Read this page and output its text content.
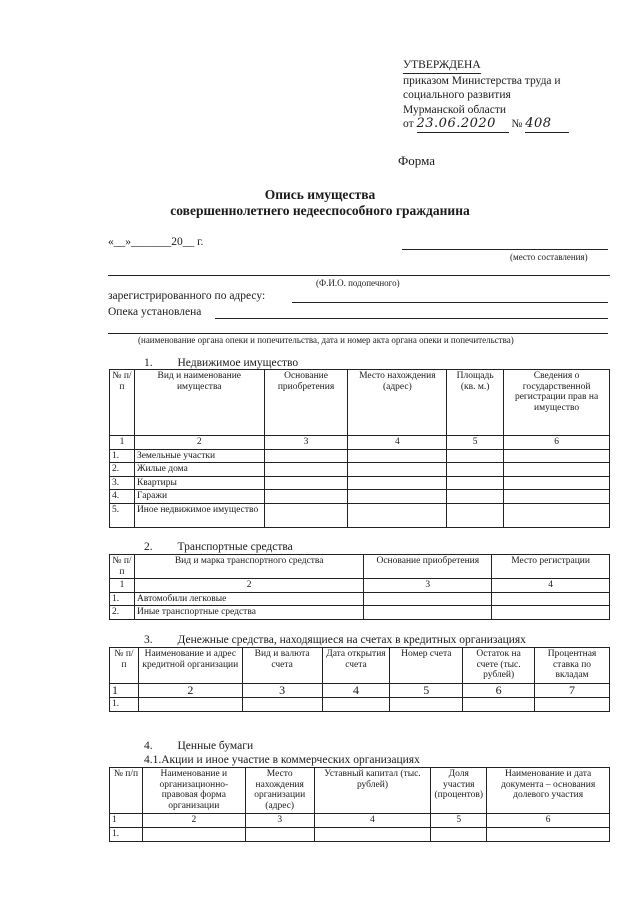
УТВЕРЖДЕНА
приказом Министерства труда и
социального развития
Мурманской области
от 23.06.2020 № 408
Форма
Опись имущества
совершеннолетнего недееспособного гражданина
«__»_______20__ г.
(место составления)
(Ф.И.О. подопечного)
зарегистрированного по адресу:
Опека установлена
(наименование органа опеки и попечительства, дата и номер акта органа опеки и попечительства)
1. Недвижимое имущество
№ п/п	Вид и наименование имущества	Основание приобретения	Место нахождения (адрес)	Площадь (кв. м.)	Сведения о государственной регистрации прав на имущество
1	2	3	4	5	6
1.	Земельные участки				
2.	Жилые дома				
3.	Квартиры				
4.	Гаражи				
5.	Иное недвижимое имущество				
2. Транспортные средства
№ п/п	Вид и марка транспортного средства	Основание приобретения	Место регистрации
1	2	3	4
1.	Автомобили легковые		
2.	Иные транспортные средства		
3. Денежные средства, находящиеся на счетах в кредитных организациях
№ п/п	Наименование и адрес кредитной организации	Вид и валюта счета	Дата открытия счета	Номер счета	Остаток на счете (тыс. рублей)	Процентная ставка по вкладам
1	2	3	4	5	6	7
1.						
4. Ценные бумаги
4.1.Акции и иное участие в коммерческих организациях
№ п/п	Наименование и организационно-правовая форма организации	Место нахождения организации (адрес)	Уставный капитал (тыс. рублей)	Доля участия (процентов)	Наименование и дата документа – основания долевого участия
1	2	3	4	5	6
1.					
